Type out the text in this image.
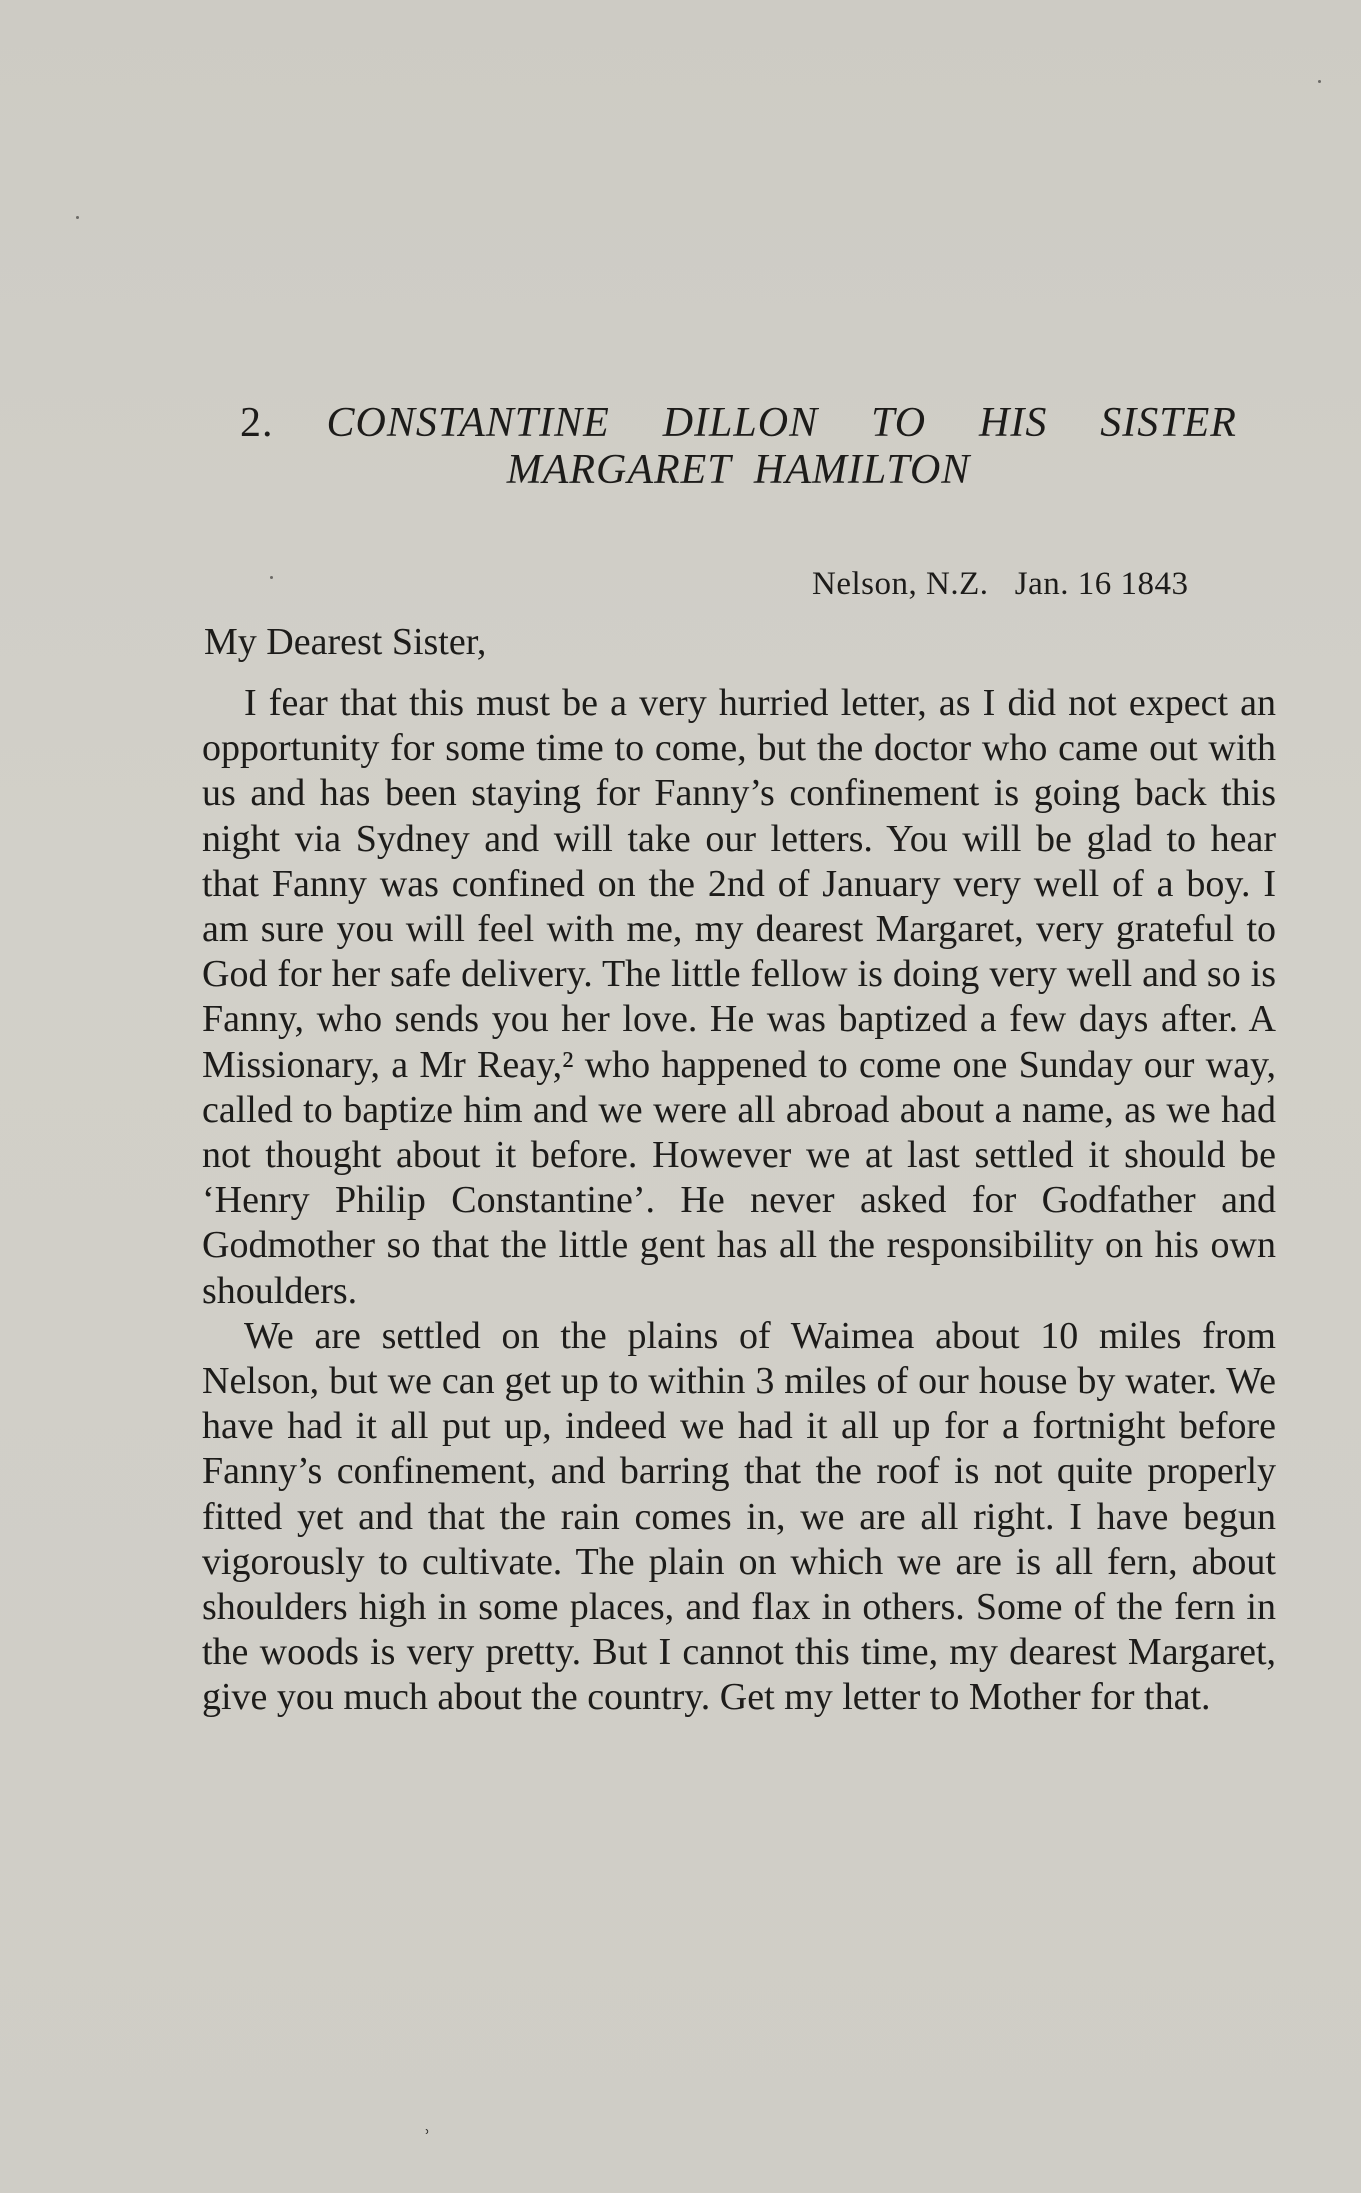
2. CONSTANTINE DILLON TO HIS SISTER
MARGARET  HAMILTON
Nelson, N.Z.   Jan. 16 1843
My Dearest Sister,

I fear that this must be a very hurried letter, as I did not expect an opportunity for some time to come, but the doctor who came out with us and has been staying for Fanny’s confinement is going back this night via Sydney and will take our letters. You will be glad to hear that Fanny was confined on the 2nd of January very well of a boy. I am sure you will feel with me, my dearest Margaret, very grateful to God for her safe delivery. The little fellow is doing very well and so is Fanny, who sends you her love. He was baptized a few days after. A Missionary, a Mr Reay,² who happened to come one Sunday our way, called to baptize him and we were all abroad about a name, as we had not thought about it before. However we at last settled it should be ‘Henry Philip Constantine’. He never asked for Godfather and Godmother so that the little gent has all the responsibility on his own shoulders.

We are settled on the plains of Waimea about 10 miles from Nelson, but we can get up to within 3 miles of our house by water. We have had it all put up, indeed we had it all up for a fortnight before Fanny’s confinement, and barring that the roof is not quite properly fitted yet and that the rain comes in, we are all right. I have begun vigorously to cultivate. The plain on which we are is all fern, about shoulders high in some places, and flax in others. Some of the fern in the woods is very pretty. But I cannot this time, my dearest Margaret, give you much about the country. Get my letter to Mother for that.

ʾ
